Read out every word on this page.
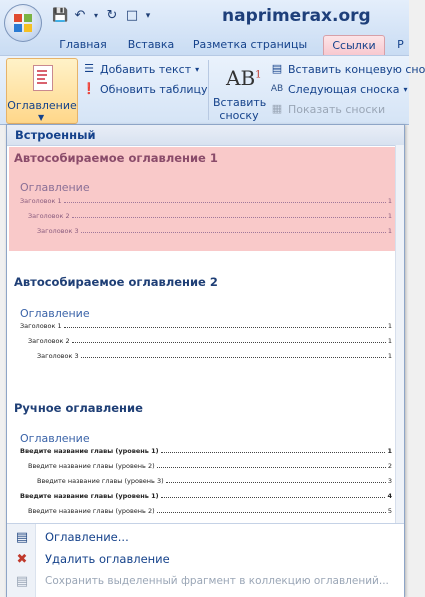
💾 ↶	▾ ↻ □ ▾	naprimerax.org
Главная	Вставка	Разметка страницы	Ссылки	Р
Оглавление
▼
☰ Добавить текст ▾
❗ Обновить таблицу $AB^1$
Вставить сноску
▤ Вставить концевую сно
AB Следующая сноска ▾
▦ Показать сноски
Встроенный
Автособираемое оглавление 1
Оглавление
Заголовок 1	1
Заголовок 2	1
Заголовок 3	1
Автособираемое оглавление 2
Оглавление
Заголовок 1	1
Заголовок 2	1
Заголовок 3	1
Ручное оглавление
Оглавление
Введите название главы (уровень 1)	1
Введите название главы (уровень 2)	2
Введите название главы (уровень 3)	3
Введите название главы (уровень 1)	4
Введите название главы (уровень 2)	5
▤	Оглавление...
✖	Удалить оглавление
▤	Сохранить выделенный фрагмент в коллекцию оглавлений...
